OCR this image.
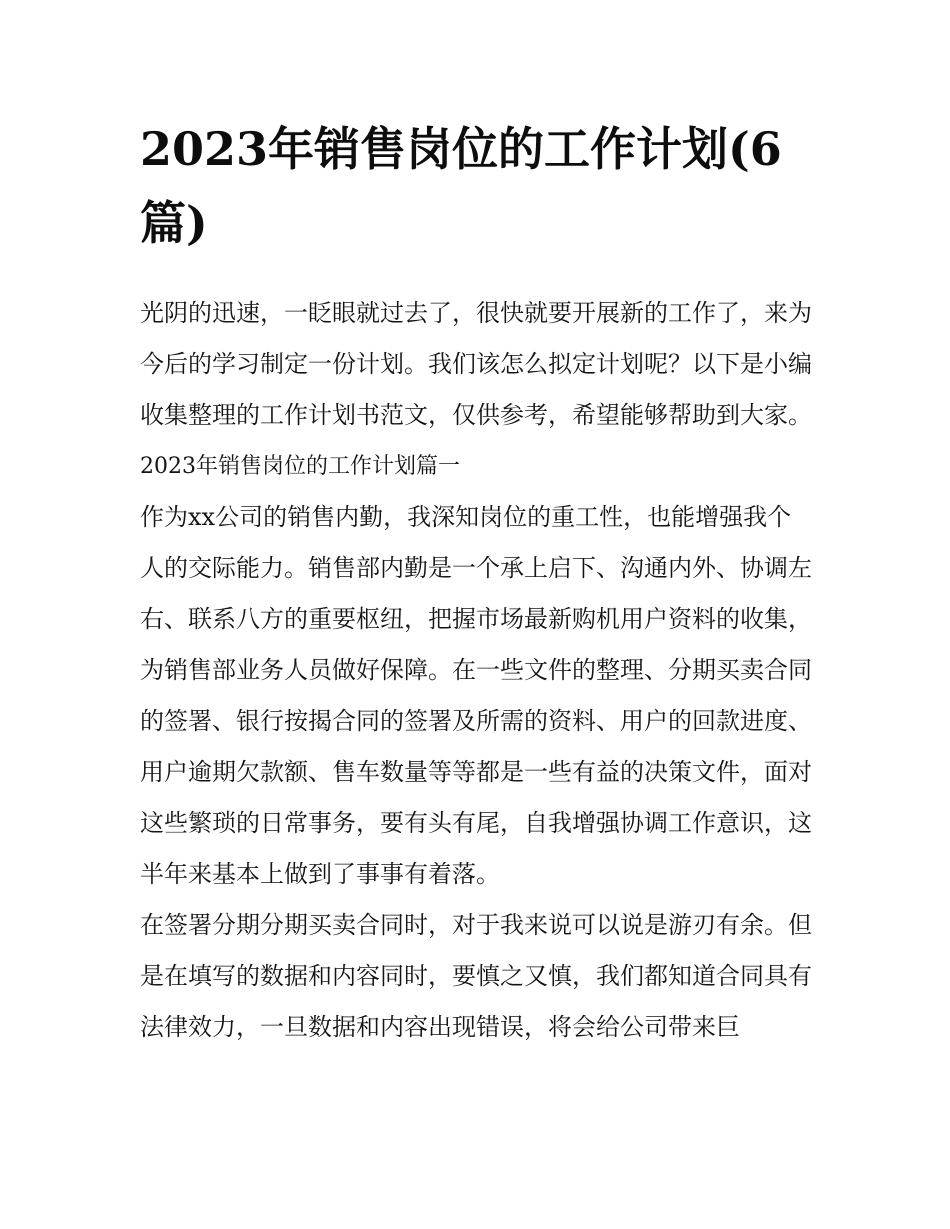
2023年销售岗位的工作计划(6篇)

光阴的迅速，一眨眼就过去了，很快就要开展新的工作了，来为今后的学习制定一份计划。我们该怎么拟定计划呢？以下是小编收集整理的工作计划书范文，仅供参考，希望能够帮助到大家。

2023年销售岗位的工作计划篇一

作为xx公司的销售内勤，我深知岗位的重工性，也能增强我个人的交际能力。销售部内勤是一个承上启下、沟通内外、协调左右、联系八方的重要枢纽，把握市场最新购机用户资料的收集，为销售部业务人员做好保障。在一些文件的整理、分期买卖合同的签署、银行按揭合同的签署及所需的资料、用户的回款进度、用户逾期欠款额、售车数量等等都是一些有益的决策文件，面对这些繁琐的日常事务，要有头有尾，自我增强协调工作意识，这半年来基本上做到了事事有着落。

在签署分期分期买卖合同时，对于我来说可以说是游刃有余。但是在填写的数据和内容同时，要慎之又慎，我们都知道合同具有法律效力，一旦数据和内容出现错误，将会给公司带来巨
